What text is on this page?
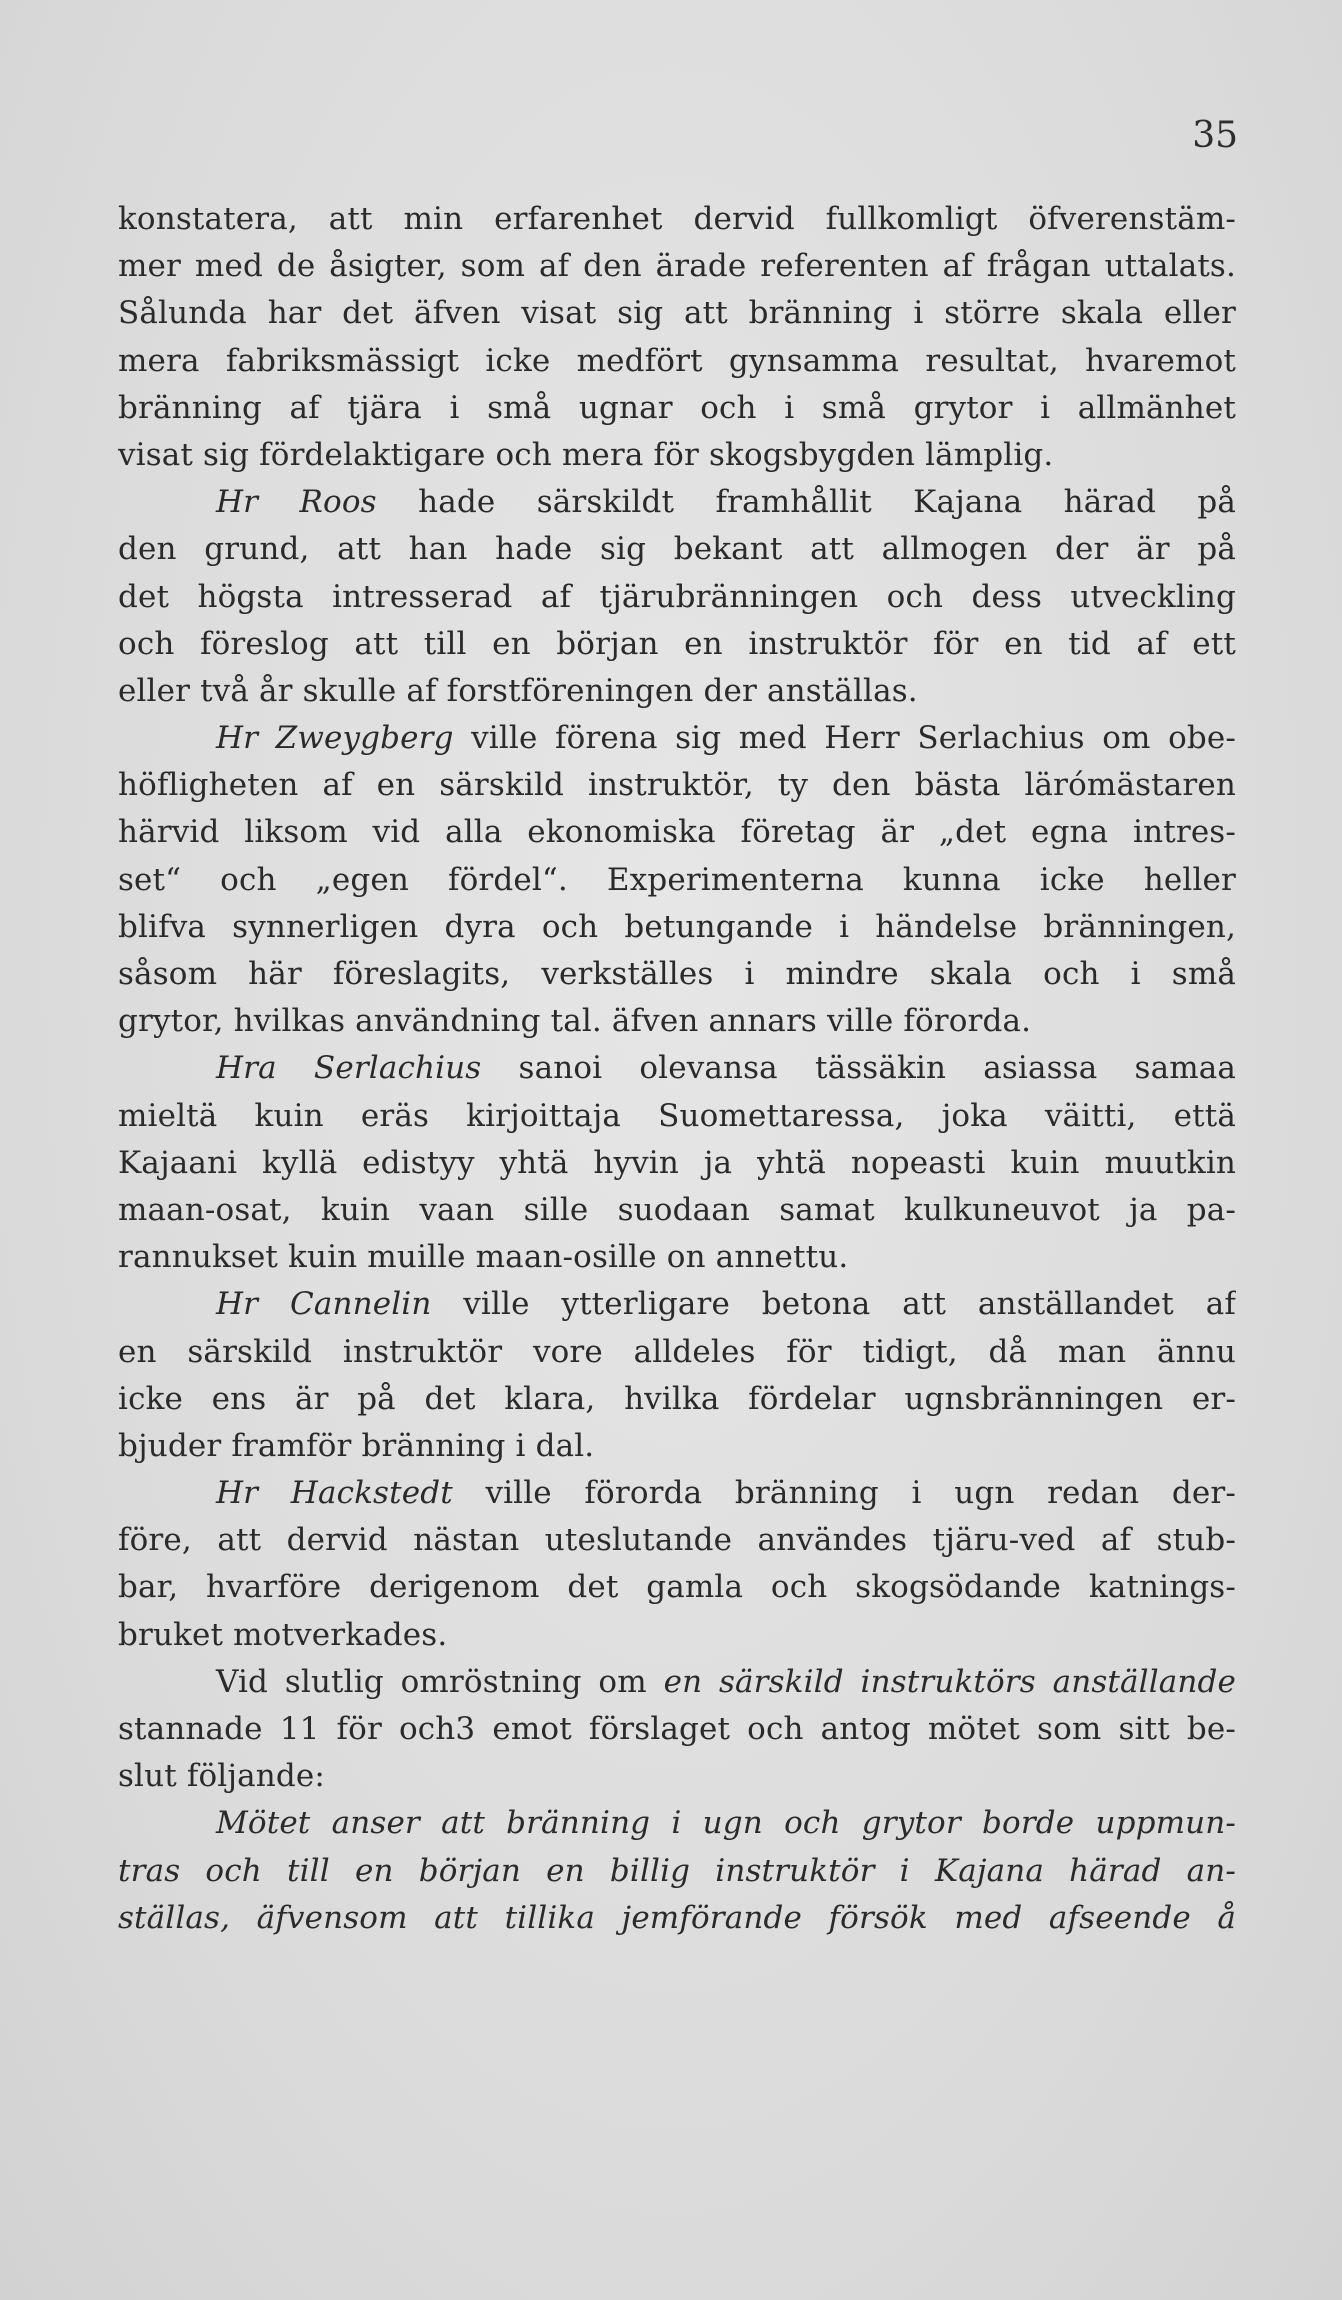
35
konstatera, att min erfarenhet dervid fullkomligt öfverenstäm-
mer med de åsigter, som af den ärade referenten af frågan uttalats.
Sålunda har det äfven visat sig att bränning i större skala eller
mera fabriksmässigt icke medfört gynsamma resultat, hvaremot
bränning af tjära i små ugnar och i små grytor i allmänhet
visat sig fördelaktigare och mera för skogsbygden lämplig.
Hr Roos hade särskildt framhållit Kajana härad på
den grund, att han hade sig bekant att allmogen der är på
det högsta intresserad af tjärubränningen och dess utveckling
och föreslog att till en början en instruktör för en tid af ett
eller två år skulle af forstföreningen der anställas.
Hr Zweygberg ville förena sig med Herr Serlachius om obe-
höfligheten af en särskild instruktör, ty den bästa lärómästaren
härvid liksom vid alla ekonomiska företag är „det egna intres-
set“ och „egen fördel“. Experimenterna kunna icke heller
blifva synnerligen dyra och betungande i händelse bränningen,
såsom här föreslagits, verkställes i mindre skala och i små
grytor, hvilkas användning tal. äfven annars ville förorda.
Hra Serlachius sanoi olevansa tässäkin asiassa samaa
mieltä kuin eräs kirjoittaja Suomettaressa, joka väitti, että
Kajaani kyllä edistyy yhtä hyvin ja yhtä nopeasti kuin muutkin
maan-osat, kuin vaan sille suodaan samat kulkuneuvot ja pa-
rannukset kuin muille maan-osille on annettu.
Hr Cannelin ville ytterligare betona att anställandet af
en särskild instruktör vore alldeles för tidigt, då man ännu
icke ens är på det klara, hvilka fördelar ugnsbränningen er-
bjuder framför bränning i dal.
Hr Hackstedt ville förorda bränning i ugn redan der-
före, att dervid nästan uteslutande användes tjäru-ved af stub-
bar, hvarföre derigenom det gamla och skogsödande katnings-
bruket motverkades.
Vid slutlig omröstning om en särskild instruktörs anställande
stannade 11 för och3 emot förslaget och antog mötet som sitt be-
slut följande:
Mötet anser att bränning i ugn och grytor borde uppmun-
tras och till en början en billig instruktör i Kajana härad an-
ställas, äfvensom att tillika jemförande försök med afseende å
